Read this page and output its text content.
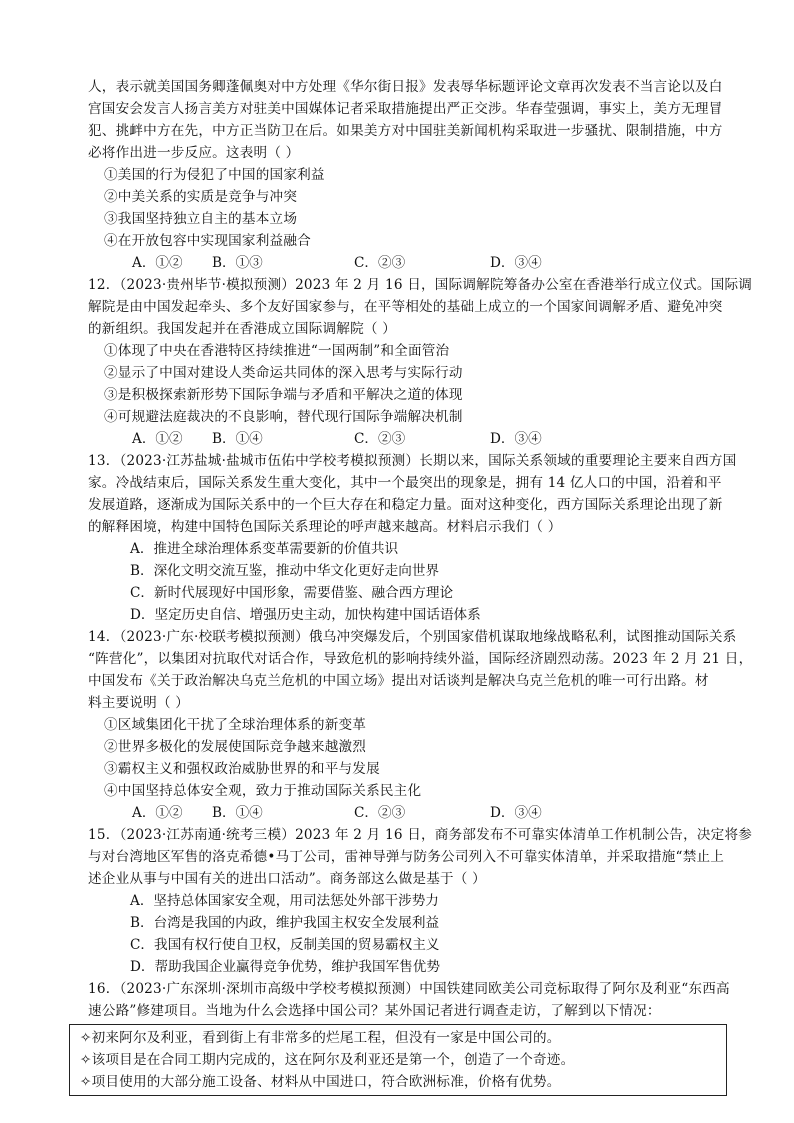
人，表示就美国国务卿蓬佩奥对中方处理《华尔街日报》发表辱华标题评论文章再次发表不当言论以及白
宫国安会发言人扬言美方对驻美中国媒体记者采取措施提出严正交涉。华春莹强调，事实上，美方无理冒
犯、挑衅中方在先，中方正当防卫在后。如果美方对中国驻美新闻机构采取进一步骚扰、限制措施，中方
必将作出进一步反应。这表明（ ）
①美国的行为侵犯了中国的国家利益
②中美关系的实质是竞争与冲突
③我国坚持独立自主的基本立场
④在开放包容中实现国家利益融合
A．①② B．①③	C．②③	D．③④
12．（2023·贵州毕节·模拟预测）2023 年 2 月 16 日，国际调解院筹备办公室在香港举行成立仪式。国际调
解院是由中国发起牵头、多个友好国家参与，在平等相处的基础上成立的一个国家间调解矛盾、避免冲突
的新组织。我国发起并在香港成立国际调解院（ ）
①体现了中央在香港特区持续推进“一国两制”和全面管治
②显示了中国对建设人类命运共同体的深入思考与实际行动
③是积极探索新形势下国际争端与矛盾和平解决之道的体现
④可规避法庭裁决的不良影响，替代现行国际争端解决机制
A．①② B．①④	C．②③	D．③④
13．（2023·江苏盐城·盐城市伍佑中学校考模拟预测）长期以来，国际关系领域的重要理论主要来自西方国
家。冷战结束后，国际关系发生重大变化，其中一个最突出的现象是，拥有 14 亿人口的中国，沿着和平
发展道路，逐渐成为国际关系中的一个巨大存在和稳定力量。面对这种变化，西方国际关系理论出现了新
的解释困境，构建中国特色国际关系理论的呼声越来越高。材料启示我们（ ）
A．推进全球治理体系变革需要新的价值共识
B．深化文明交流互鉴，推动中华文化更好走向世界
C．新时代展现好中国形象，需要借鉴、融合西方理论
D．坚定历史自信、增强历史主动，加快构建中国话语体系
14．（2023·广东·校联考模拟预测）俄乌冲突爆发后，个别国家借机谋取地缘战略私利，试图推动国际关系
“阵营化”，以集团对抗取代对话合作，导致危机的影响持续外溢，国际经济剧烈动荡。2023 年 2 月 21 日，
中国发布《关于政治解决乌克兰危机的中国立场》提出对话谈判是解决乌克兰危机的唯一可行出路。材
料主要说明（ ）
①区域集团化干扰了全球治理体系的新变革
②世界多极化的发展使国际竞争越来越激烈
③霸权主义和强权政治威胁世界的和平与发展
④中国坚持总体安全观，致力于推动国际关系民主化
A．①② B．①④	C．②③	D．③④
15．（2023·江苏南通·统考三模）2023 年 2 月 16 日，商务部发布不可靠实体清单工作机制公告，决定将参
与对台湾地区军售的洛克希德•马丁公司，雷神导弹与防务公司列入不可靠实体清单，并采取措施“禁止上
述企业从事与中国有关的进出口活动”。商务部这么做是基于（ ）
A．坚持总体国家安全观，用司法惩处外部干涉势力
B．台湾是我国的内政，维护我国主权安全发展利益
C．我国有权行使自卫权，反制美国的贸易霸权主义
D．帮助我国企业赢得竞争优势，维护我国军售优势
16．（2023·广东深圳·深圳市高级中学校考模拟预测）中国铁建同欧美公司竞标取得了阿尔及利亚“东西高
速公路”修建项目。当地为什么会选择中国公司？某外国记者进行调查走访，了解到以下情况：
✧初来阿尔及利亚，看到街上有非常多的烂尾工程，但没有一家是中国公司的。
✧该项目是在合同工期内完成的，这在阿尔及利亚还是第一个，创造了一个奇迹。
✧项目使用的大部分施工设备、材料从中国进口，符合欧洲标准，价格有优势。
